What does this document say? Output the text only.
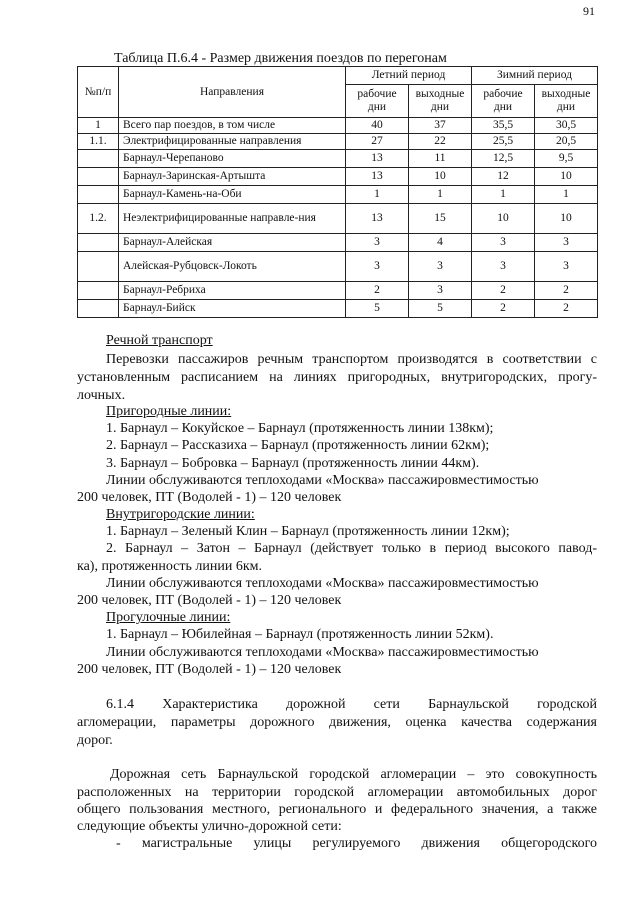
91
Таблица П.6.4 - Размер движения поездов по перегонам
№п/п	Направления	Летний период		Зимний период	
		рабочие дни	выходные дни	рабочие дни	выходные дни
1	Всего пар поездов, в том числе	40	37	35,5	30,5
1.1.	Электрифицированные направления	27	22	25,5	20,5
	Барнаул-Черепаново	13	11	12,5	9,5
	Барнаул-Заринская-Артышта	13	10	12	10
	Барнаул-Камень-на-Оби	1	1	1	1
1.2.	Неэлектрифицированные направле-ния	13	15	10	10
	Барнаул-Алейская	3	4	3	3
	Алейская-Рубцовск-Локоть	3	3	3	3
	Барнаул-Ребриха	2	3	2	2
	Барнаул-Бийск	5	5	2	2
Речной транспорт
Перевозки пассажиров речным транспортом производятся в соответствии с
установленным расписанием на линиях пригородных, внутригородских, прогу-
лочных.
Пригородные линии:
1. Барнаул – Кокуйское – Барнаул (протяженность линии 138км);
2. Барнаул – Рассказиха – Барнаул (протяженность линии 62км);
3. Барнаул – Бобровка – Барнаул (протяженность линии 44км).
Линии обслуживаются теплоходами «Москва» пассажировместимостью
200 человек, ПТ (Водолей - 1) – 120 человек
Внутригородские линии:
1. Барнаул – Зеленый Клин – Барнаул (протяженность линии 12км);
2. Барнаул – Затон – Барнаул (действует только в период высокого павод-
ка), протяженность линии 6км.
Линии обслуживаются теплоходами «Москва» пассажировместимостью
200 человек, ПТ (Водолей - 1) – 120 человек
Прогулочные линии:
1. Барнаул – Юбилейная – Барнаул (протяженность линии 52км).
Линии обслуживаются теплоходами «Москва» пассажировместимостью
200 человек, ПТ (Водолей - 1) – 120 человек
6.1.4 Характеристика дорожной сети Барнаульской городской
агломерации, параметры дорожного движения, оценка качества содержания
дорог.
Дорожная сеть Барнаульской городской агломерации – это совокупность
расположенных на территории городской агломерации автомобильных дорог
общего пользования местного, регионального и федерального значения, а также
следующие объекты улично-дорожной сети:
- магистральные улицы регулируемого движения общегородского
